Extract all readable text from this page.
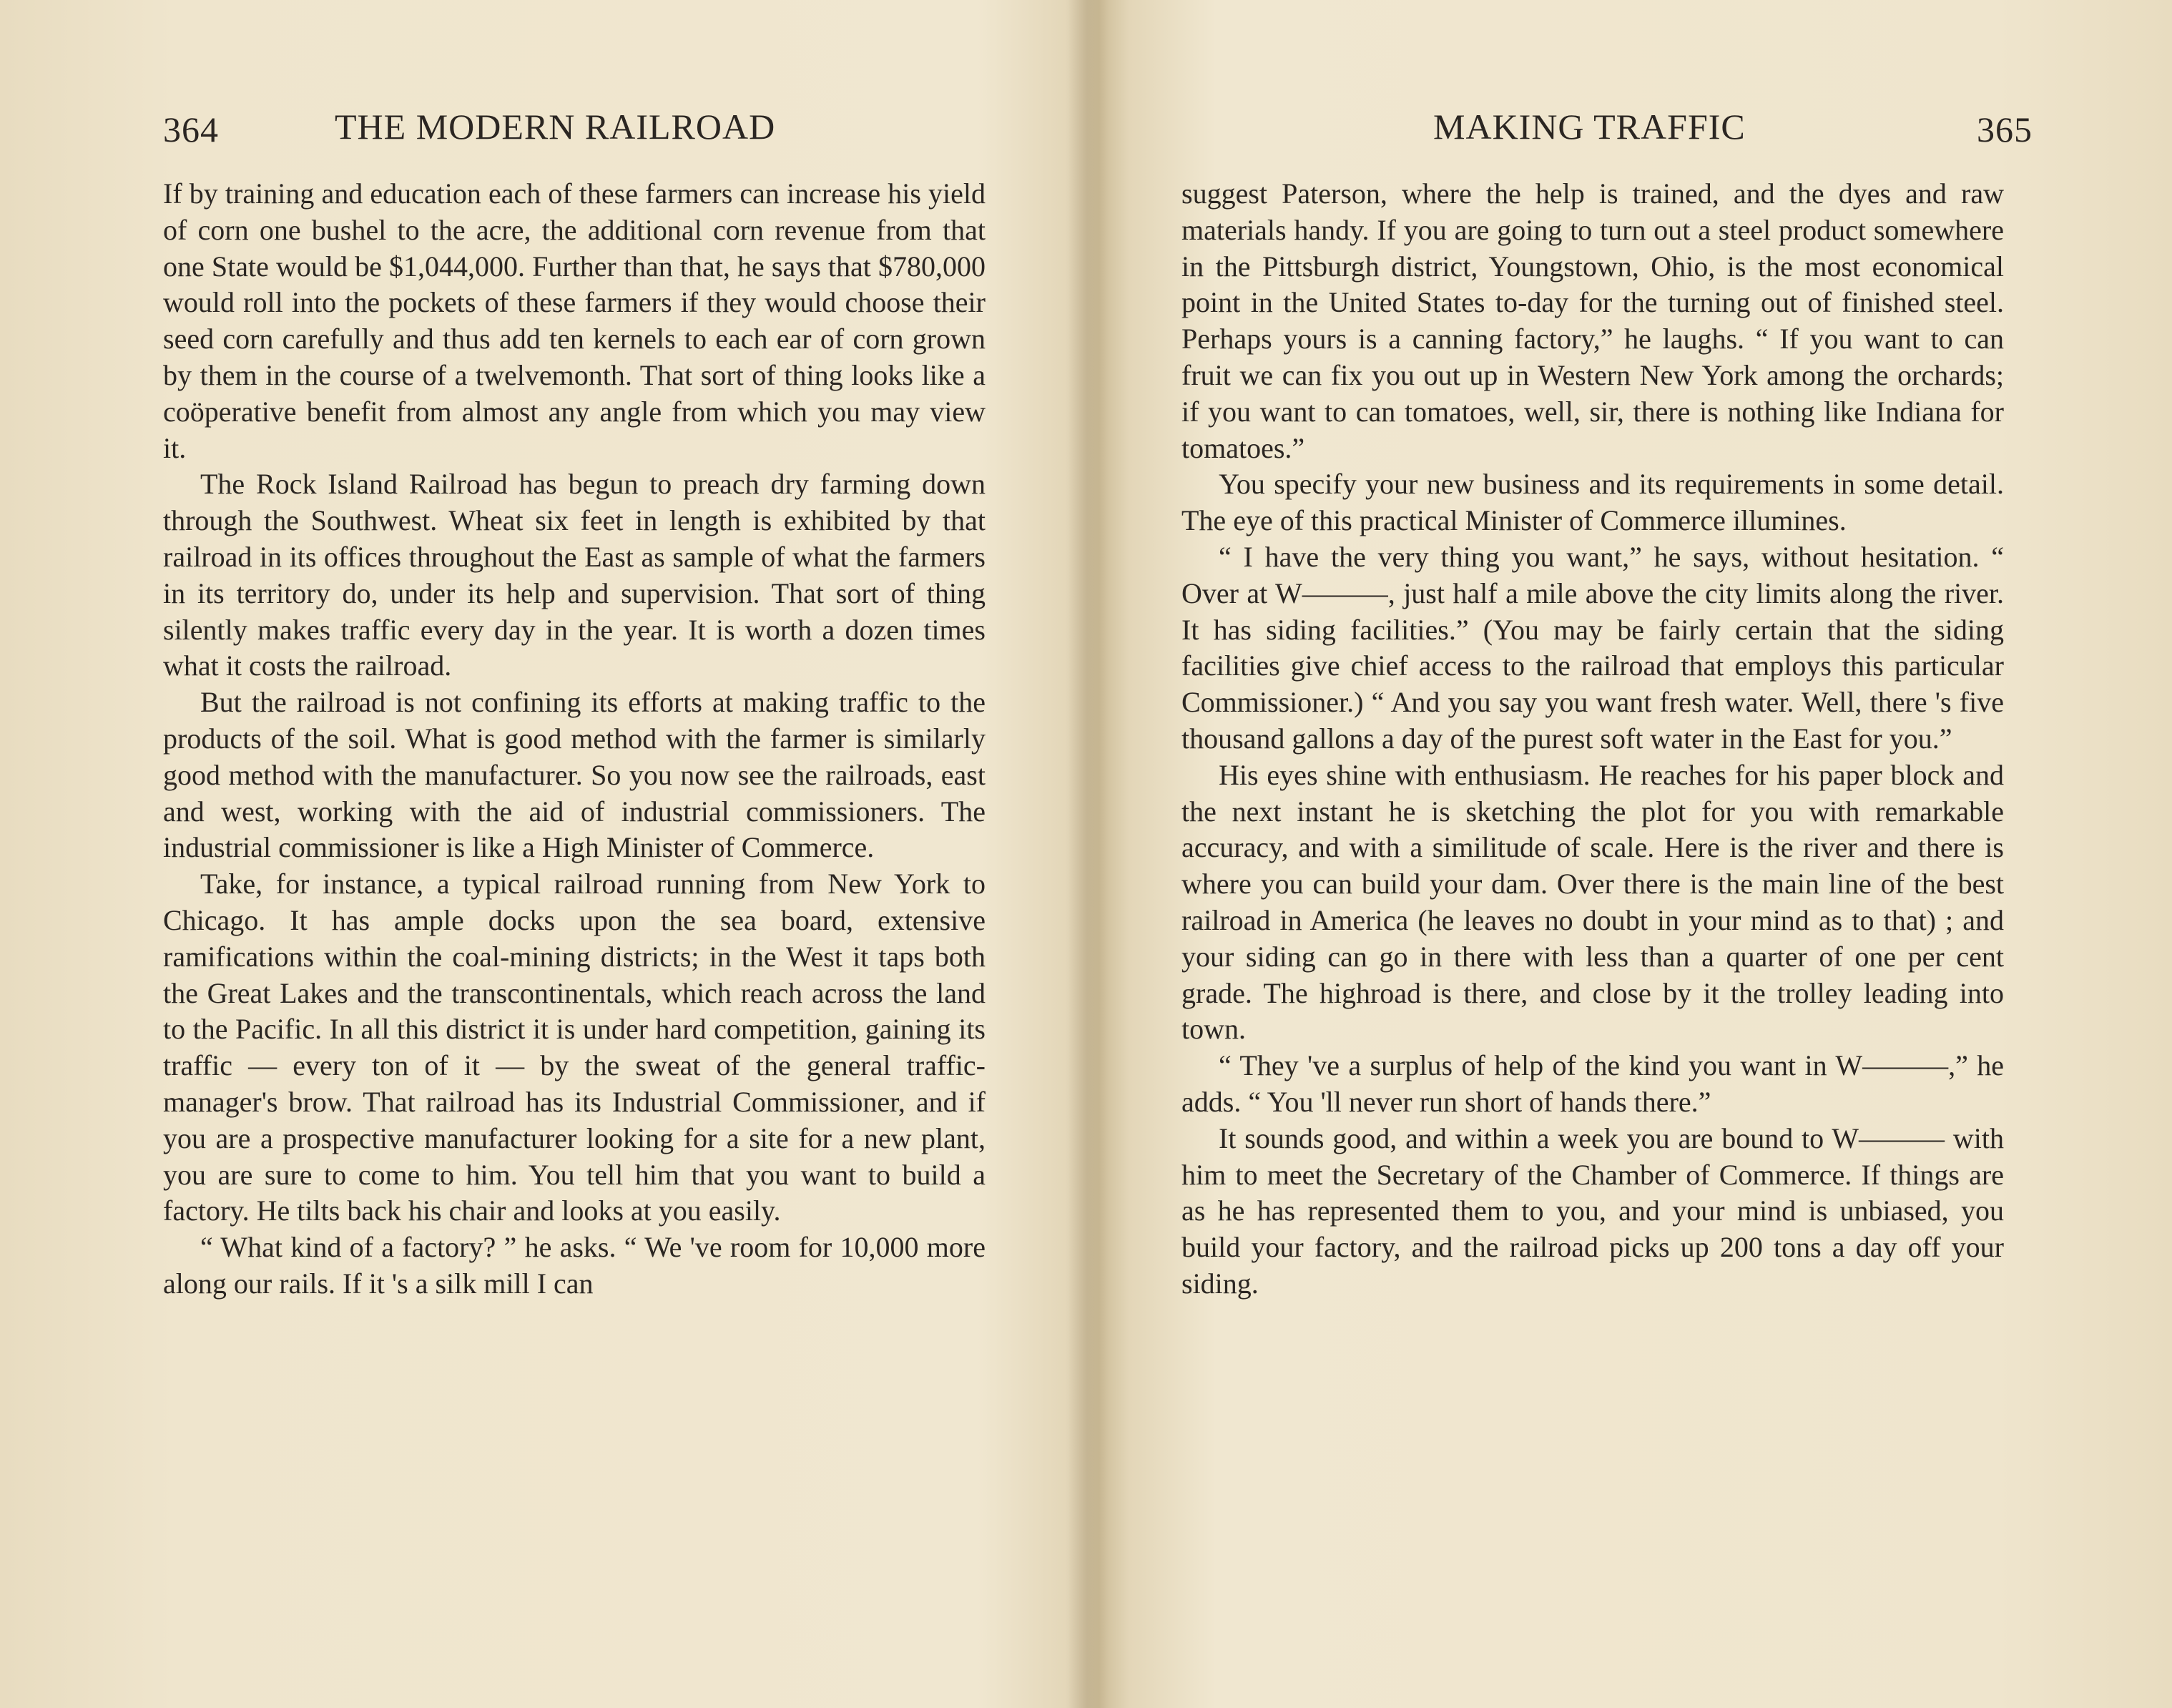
364	THE MODERN RAILROAD

If by training and education each of these farmers can increase his yield of corn one bushel to the acre, the additional corn revenue from that one State would be $1,044,000. Further than that, he says that $780,000 would roll into the pockets of these farmers if they would choose their seed corn carefully and thus add ten kernels to each ear of corn grown by them in the course of a twelvemonth. That sort of thing looks like a coöperative benefit from almost any angle from which you may view it.

The Rock Island Railroad has begun to preach dry farming down through the Southwest. Wheat six feet in length is exhibited by that railroad in its offices throughout the East as sample of what the farmers in its territory do, under its help and supervision. That sort of thing silently makes traffic every day in the year. It is worth a dozen times what it costs the railroad.

But the railroad is not confining its efforts at making traffic to the products of the soil. What is good method with the farmer is similarly good method with the manufacturer. So you now see the railroads, east and west, working with the aid of industrial commissioners. The industrial commissioner is like a High Minister of Commerce.

Take, for instance, a typical railroad running from New York to Chicago. It has ample docks upon the sea board, extensive ramifications within the coal-mining districts; in the West it taps both the Great Lakes and the transcontinentals, which reach across the land to the Pacific. In all this district it is under hard competition, gaining its traffic — every ton of it — by the sweat of the general traffic-manager's brow. That railroad has its Industrial Commissioner, and if you are a prospective manufacturer looking for a site for a new plant, you are sure to come to him. You tell him that you want to build a factory. He tilts back his chair and looks at you easily.

“ What kind of a factory? ” he asks. “ We 've room for 10,000 more along our rails. If it 's a silk mill I can

MAKING TRAFFIC	365

suggest Paterson, where the help is trained, and the dyes and raw materials handy. If you are going to turn out a steel product somewhere in the Pittsburgh district, Youngstown, Ohio, is the most economical point in the United States to-day for the turning out of finished steel. Perhaps yours is a canning factory,” he laughs. “ If you want to can fruit we can fix you out up in Western New York among the orchards; if you want to can tomatoes, well, sir, there is nothing like Indiana for tomatoes.”

You specify your new business and its requirements in some detail. The eye of this practical Minister of Commerce illumines.

“ I have the very thing you want,” he says, without hesitation. “ Over at W———, just half a mile above the city limits along the river. It has siding facilities.” (You may be fairly certain that the siding facilities give chief access to the railroad that employs this particular Commissioner.) “ And you say you want fresh water. Well, there 's five thousand gallons a day of the purest soft water in the East for you.”

His eyes shine with enthusiasm. He reaches for his paper block and the next instant he is sketching the plot for you with remarkable accuracy, and with a similitude of scale. Here is the river and there is where you can build your dam. Over there is the main line of the best railroad in America (he leaves no doubt in your mind as to that) ; and your siding can go in there with less than a quarter of one per cent grade. The highroad is there, and close by it the trolley leading into town.

“ They 've a surplus of help of the kind you want in W———,” he adds. “ You 'll never run short of hands there.”

It sounds good, and within a week you are bound to W——— with him to meet the Secretary of the Chamber of Commerce. If things are as he has represented them to you, and your mind is unbiased, you build your factory, and the railroad picks up 200 tons a day off your siding.
